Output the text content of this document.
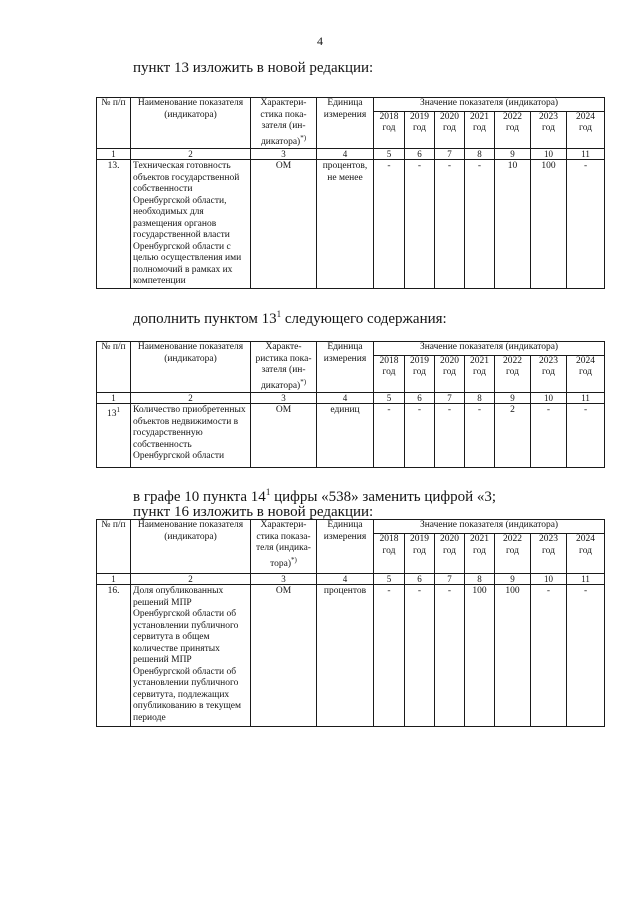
4
пункт 13 изложить в новой редакции:
№ п/п	Наименование показателя (индикатора)	Характери-стика пока-зателя (ин-дикатора)*)	Единица измерения	Значение показателя (индикатора)						
				2018 год	2019 год	2020 год	2021 год	2022 год	2023 год	2024 год
1	2	3	4	5	6	7	8	9	10	11
13.	Техническая готовность объектов государственной собственности Оренбургской области, необходимых для размещения органов государственной власти Оренбургской области с целью осуществления ими полномочий в рамках их компетенции	ОМ	процентов, не менее	-	-	-	-	10	100	-
дополнить пунктом $13^1$ следующего содержания:
№ п/п	Наименование показателя (индикатора)	Характе-ристика пока-зателя (ин-дикатора)*)	Единица измерения	Значение показателя (индикатора)						
				2018 год	2019 год	2020 год	2021 год	2022 год	2023 год	2024 год
1	2	3	4	5	6	7	8	9	10	11
$13^1$	Количество приобретенных объектов недвижимости в государственную собственность Оренбургской области	ОМ	единиц	-	-	-	-	2	-	-
в графе 10 пункта $14^1$ цифры «538» заменить цифрой «3;
пункт 16 изложить в новой редакции:
№ п/п	Наименование показателя (индикатора)	Характери-стика показа-теля (индика-тора)*)	Единица измерения	Значение показателя (индикатора)						
				2018 год	2019 год	2020 год	2021 год	2022 год	2023 год	2024 год
1	2	3	4	5	6	7	8	9	10	11
16.	Доля опубликованных решений МПР Оренбургской области об установлении публичного сервитута в общем количестве принятых решений МПР Оренбургской области об установлении публичного сервитута, подлежащих опубликованию в текущем периоде	ОМ	процентов	-	-	-	100	100	-	-
